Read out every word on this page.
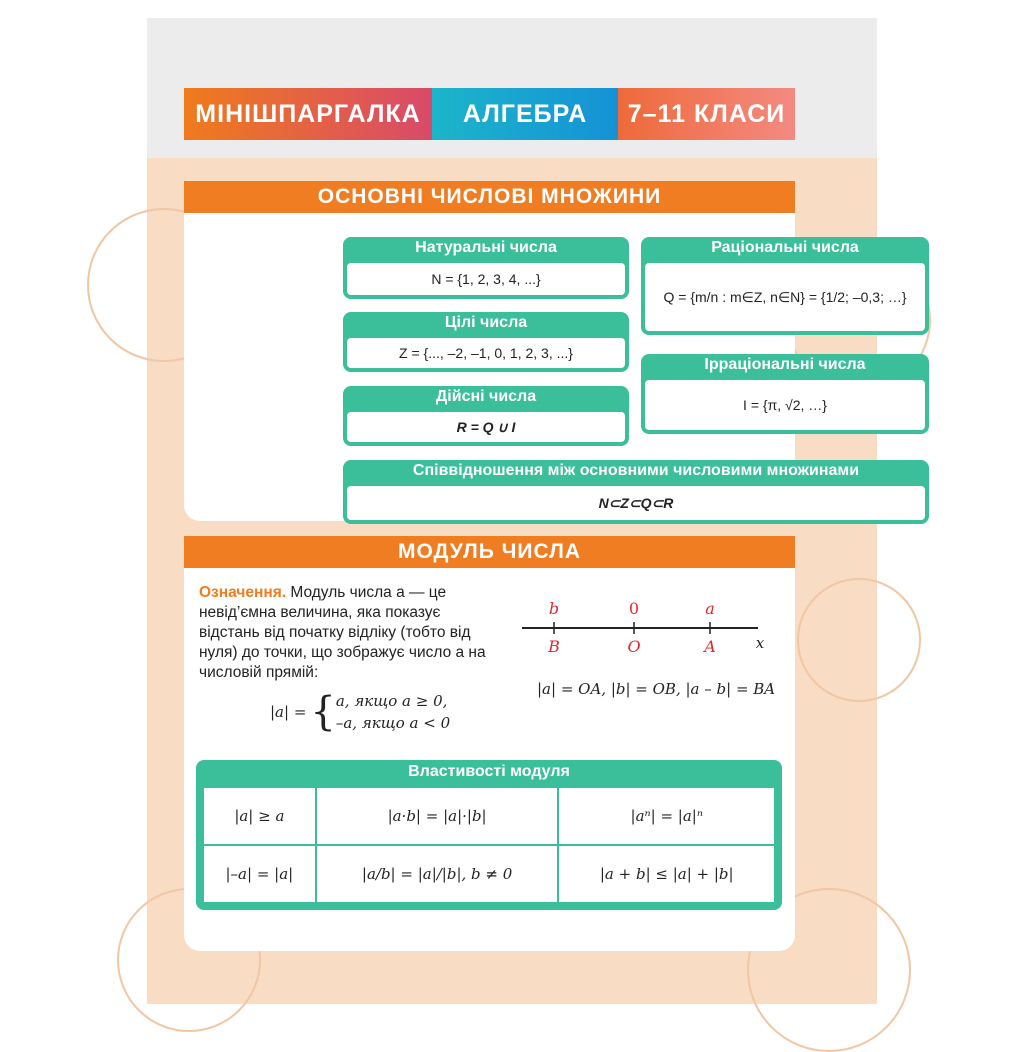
МІНІШПАРГАЛКА	АЛГЕБРА	7–11 КЛАСИ
ОСНОВНІ ЧИСЛОВІ МНОЖИНИ
Натуральні числа
N = {1, 2, 3, 4, ...}
Цілі числа
Z = {..., –2, –1, 0, 1, 2, 3, ...}
Дійсні числа
R = Q ∪ I
Раціональні числа
Q = {m/n : m∈Z, n∈N} = {1/2; –0,3; …}
Ірраціональні числа
I = {π, √2, …}
Співвідношення між основними числовими множинами
N⊂Z⊂Q⊂R
МОДУЛЬ ЧИСЛА
Означення. Модуль числа a — це невід’ємна величина, яка показує відстань від початку відліку (тобто від нуля) до точки, що зображує число a на числовій прямій:
|a| = { a, якщо a ≥ 0,
–a, якщо a < 0
b	0	a
B	O	A	x
|a| = OA, |b| = OB, |a – b| = BA
Властивості модуля
|a| ≥ a	|a·b| = |a|·|b|	|aⁿ| = |a|ⁿ
|–a| = |a|	|a/b| = |a|/|b|, b ≠ 0	|a + b| ≤ |a| + |b|
